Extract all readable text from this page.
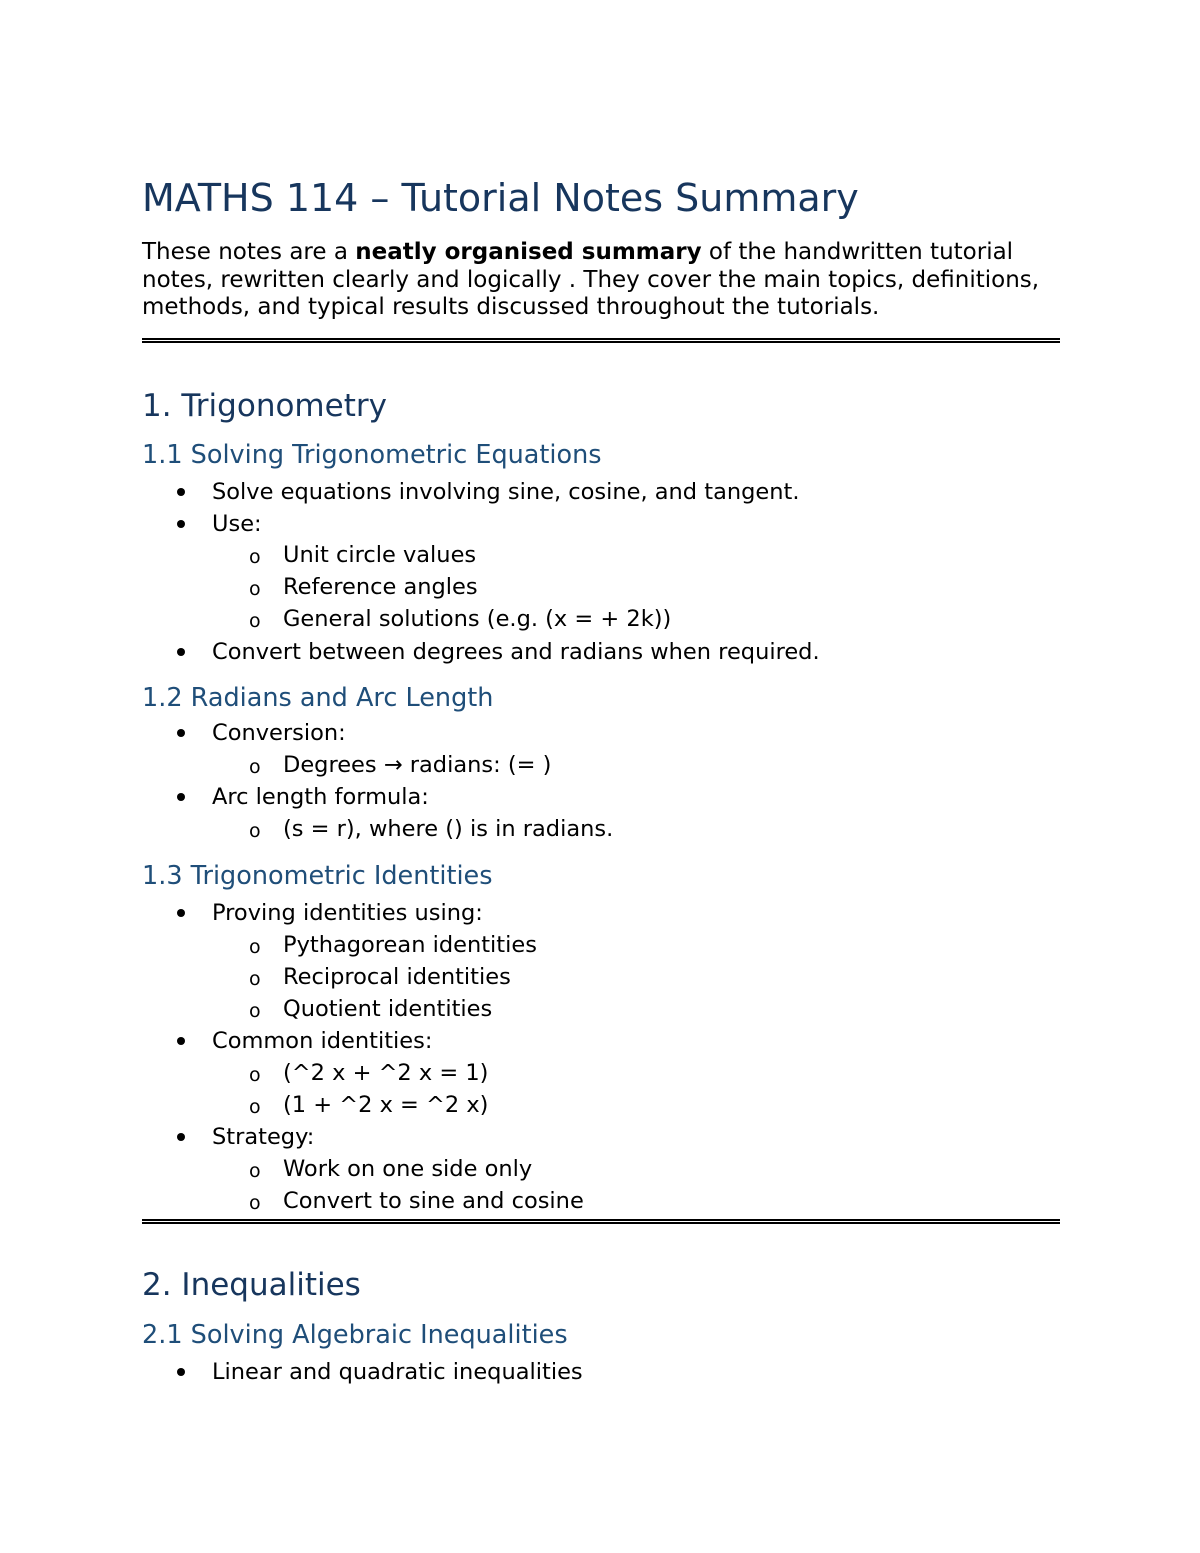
MATHS 114 – Tutorial Notes Summary

These notes are a neatly organised summary of the handwritten tutorial notes, rewritten clearly and logically . They cover the main topics, definitions, methods, and typical results discussed throughout the tutorials.

1. Trigonometry
1.1 Solving Trigonometric Equations

Solve equations involving sine, cosine, and tangent.

Use:

o Unit circle values

o Reference angles

o General solutions (e.g. (x = + 2k))

Convert between degrees and radians when required.

1.2 Radians and Arc Length

Conversion:

o Degrees → radians: (= )

Arc length formula:

o (s = r), where () is in radians.

1.3 Trigonometric Identities

Proving identities using:

o Pythagorean identities

o Reciprocal identities

o Quotient identities

Common identities:

o (^2 x + ^2 x = 1)

o (1 + ^2 x = ^2 x)

Strategy:

o Work on one side only

o Convert to sine and cosine

2. Inequalities
2.1 Solving Algebraic Inequalities

Linear and quadratic inequalities
